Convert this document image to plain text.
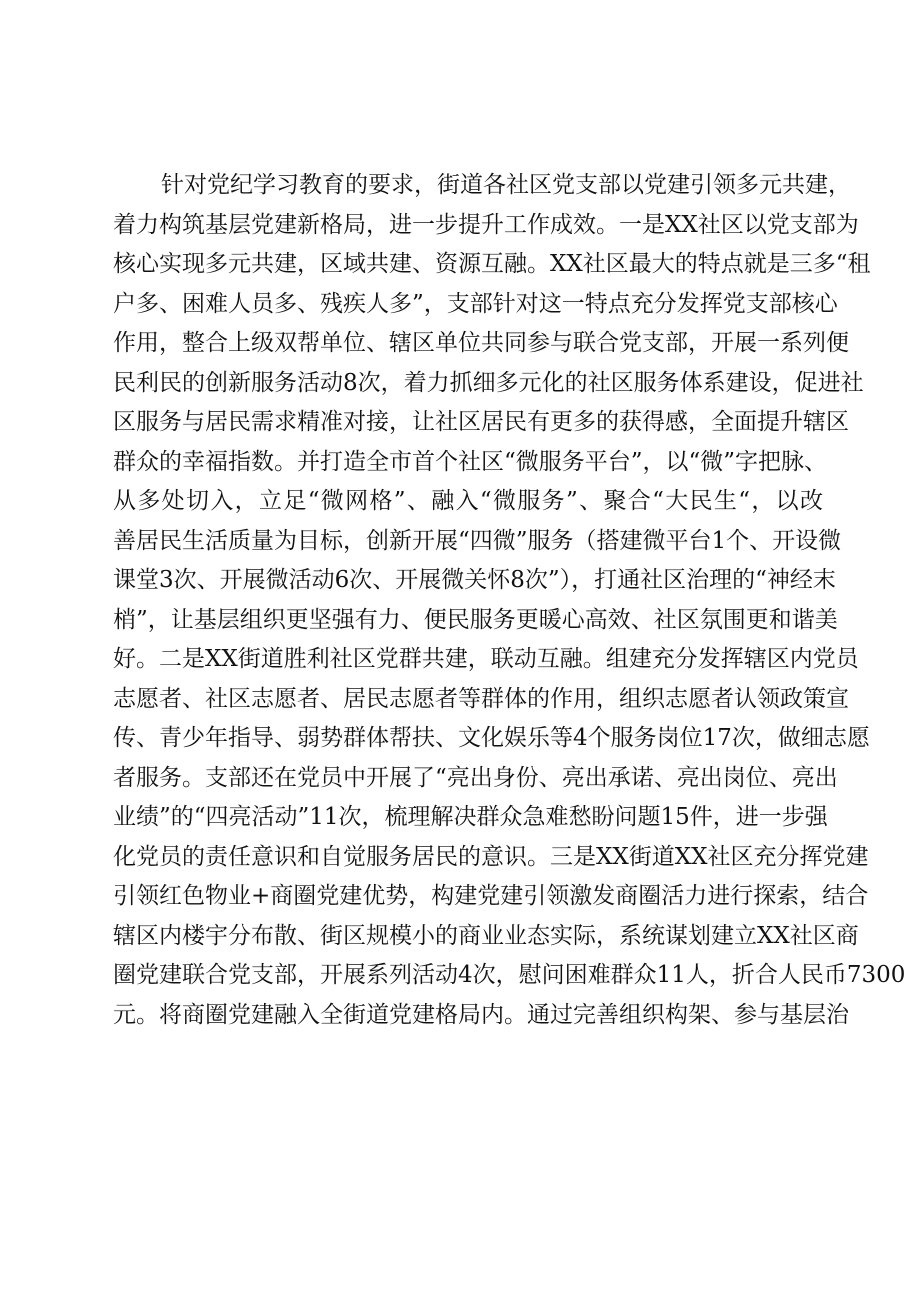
针对党纪学习教育的要求，街道各社区党支部以党建引领多元共建，
着力构筑基层党建新格局，进一步提升工作成效。一是XX社区以党支部为
核心实现多元共建，区域共建、资源互融。XX社区最大的特点就是三多“租
户多、困难人员多、残疾人多”，支部针对这一特点充分发挥党支部核心
作用，整合上级双帮单位、辖区单位共同参与联合党支部，开展一系列便
民利民的创新服务活动8次，着力抓细多元化的社区服务体系建设，促进社
区服务与居民需求精准对接，让社区居民有更多的获得感，全面提升辖区
群众的幸福指数。并打造全市首个社区“微服务平台”，以“微”字把脉、
从多处切入，立足“微网格”、融入“微服务”、聚合“大民生“，以改
善居民生活质量为目标，创新开展“四微”服务（搭建微平台1个、开设微
课堂3次、开展微活动6次、开展微关怀8次”），打通社区治理的“神经末
梢”，让基层组织更坚强有力、便民服务更暖心高效、社区氛围更和谐美
好。二是XX街道胜利社区党群共建，联动互融。组建充分发挥辖区内党员
志愿者、社区志愿者、居民志愿者等群体的作用，组织志愿者认领政策宣
传、青少年指导、弱势群体帮扶、文化娱乐等4个服务岗位17次，做细志愿
者服务。支部还在党员中开展了“亮出身份、亮出承诺、亮出岗位、亮出
业绩”的“四亮活动”11次，梳理解决群众急难愁盼问题15件，进一步强
化党员的责任意识和自觉服务居民的意识。三是XX街道XX社区充分挥党建
引领红色物业+商圈党建优势，构建党建引领激发商圈活力进行探索，结合
辖区内楼宇分布散、街区规模小的商业业态实际，系统谋划建立XX社区商
圈党建联合党支部，开展系列活动4次，慰问困难群众11人，折合人民币7300
元。将商圈党建融入全街道党建格局内。通过完善组织构架、参与基层治
